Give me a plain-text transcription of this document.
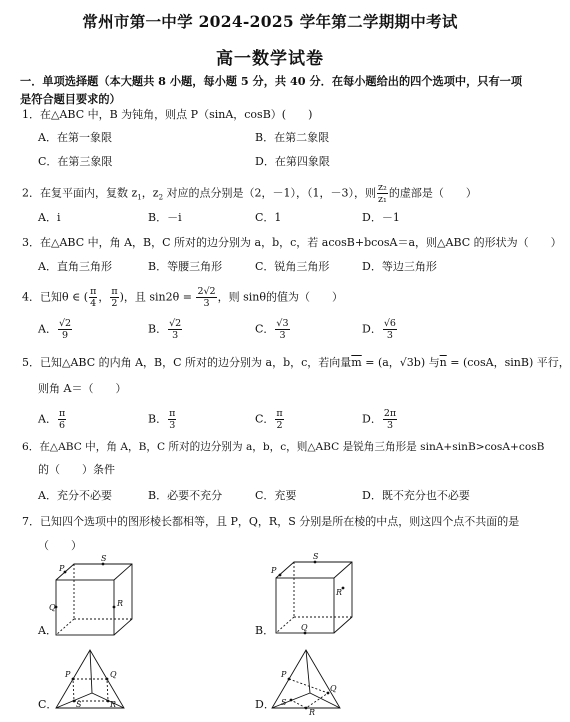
常州市第一中学 2024-2025 学年第二学期期中考试
高一数学试卷
一．单项选择题（本大题共 8 小题，每小题 5 分，共 40 分．在每小题给出的四个选项中，只有一项是符合题目要求的）
1．在△ABC 中，B 为钝角，则点 P（sinA，cosB）(　　)
A．在第一象限	B．在第二象限
C．在第三象限	D．在第四象限
2．在复平面内，复数 $z_1$，$z_2$ 对应的点分别是（2，－1），（1，－3），则 $\frac{\text{z₂}}{\text{z₁}}$ 的虚部是（　　）
A．i	B．－i	C．1	D．－1
3．在△ABC 中，角 A，B，C 所对的边分别为 a，b，c，若 acosB+bcosA＝a，则△ABC 的形状为（　　）
A．直角三角形	B．等腰三角形	C．锐角三角形	D．等边三角形
4．已知θ ∈ ( $\frac{\pi}{4}$ ， $\frac{\pi}{2}$ )，且 $\sin 2\theta = \frac{2√2}{3}$ ，则 sinθ的值为（　　）
A． $\frac{√2}{9}$	B． $\frac{√2}{3}$	C． $\frac{√3}{3}$	D． $\frac{√6}{3}$
5．已知△ABC 的内角 A，B，C 所对的边分别为 a，b，c，若向量$\overline{m} = (a$，√3b) 与$\overline{n} = (\cos A$，sinB) 平行，
则角 A＝（　　）
A． $\frac{\pi}{6}$	B． $\frac{\pi}{3}$	C． $\frac{\pi}{2}$	D． $\frac{2\pi}{3}$
6．在△ABC 中，角 A，B，C 所对的边分别为 a，b，c，则△ABC 是锐角三角形是 sinA+sinB>cosA+cosB
的（　　）条件
A．充分不必要	B．必要不充分	C．充要	D．既不充分也不必要
7．已知四个选项中的图形棱长都相等，且 P，Q，R，S 分别是所在棱的中点，则这四个点不共面的是
（　　）
A．
P
Q	R
S
B．
P
Q
R
S
C．
P	Q
R
S	D．
P
Q
R
S
